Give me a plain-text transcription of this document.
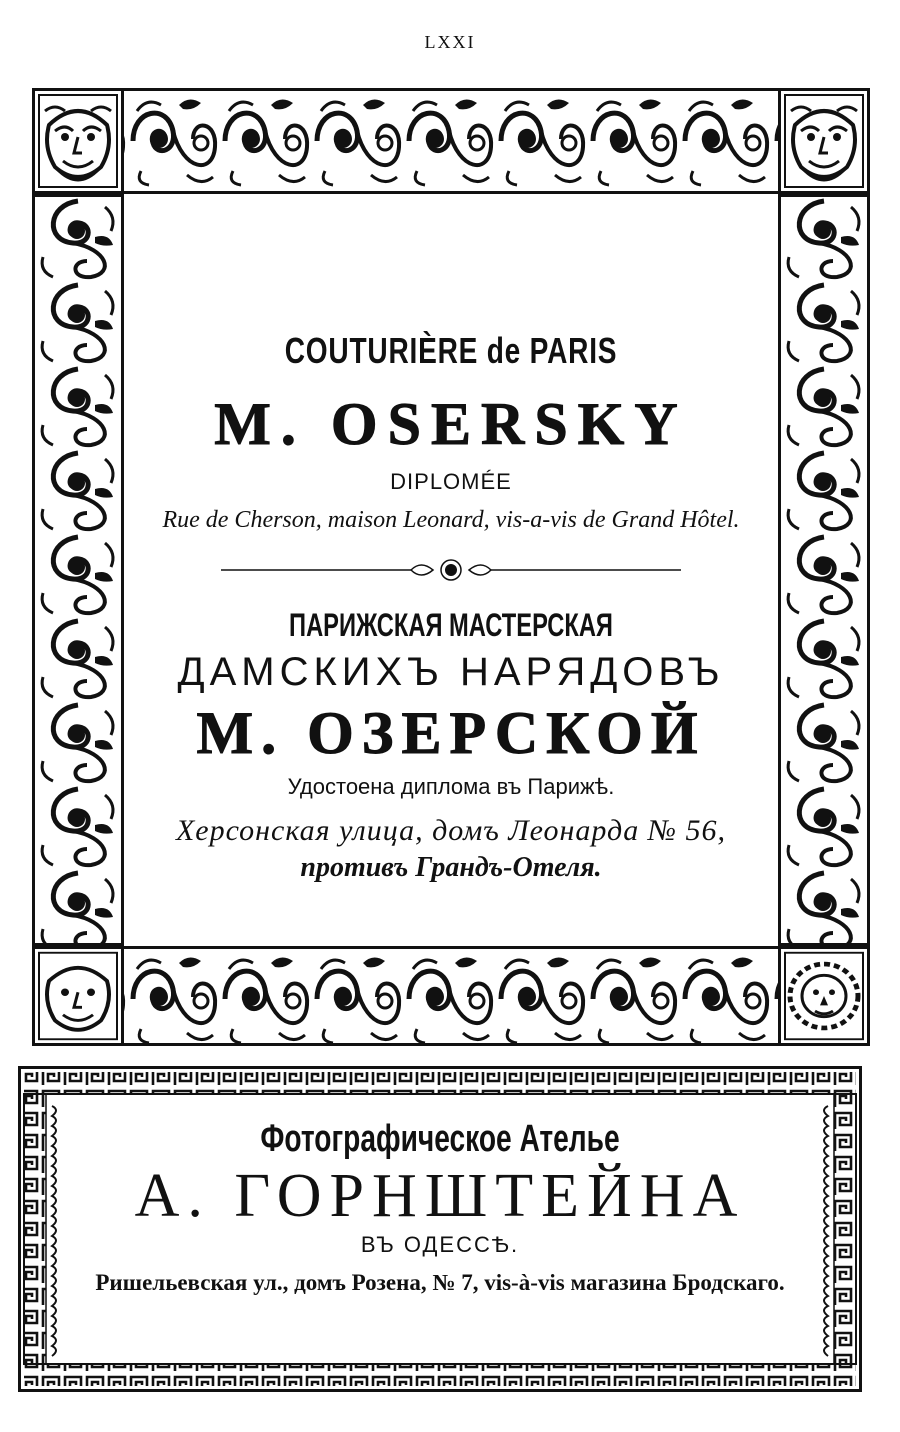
LXXI
COUTURIÈRE de PARIS
M. OSERSKY
DIPLOMÉE
Rue de Cherson, maison Leonard, vis-a-vis de Grand Hôtel.
ПАРИЖСКАЯ МАСТЕРСКАЯ
ДАМСКИХЪ НАРЯДОВЪ
М. ОЗЕРСКОЙ
Удостоена диплома въ Парижѣ.
Херсонская улица, домъ Леонарда № 56,
противъ Грандъ-Отеля.
Фотографическое Ателье
А. ГОРНШТЕЙНА
ВЪ ОДЕССѢ.
Ришельевская ул., домъ Розена, № 7, vis-à-vis магазина Бродскаго.
